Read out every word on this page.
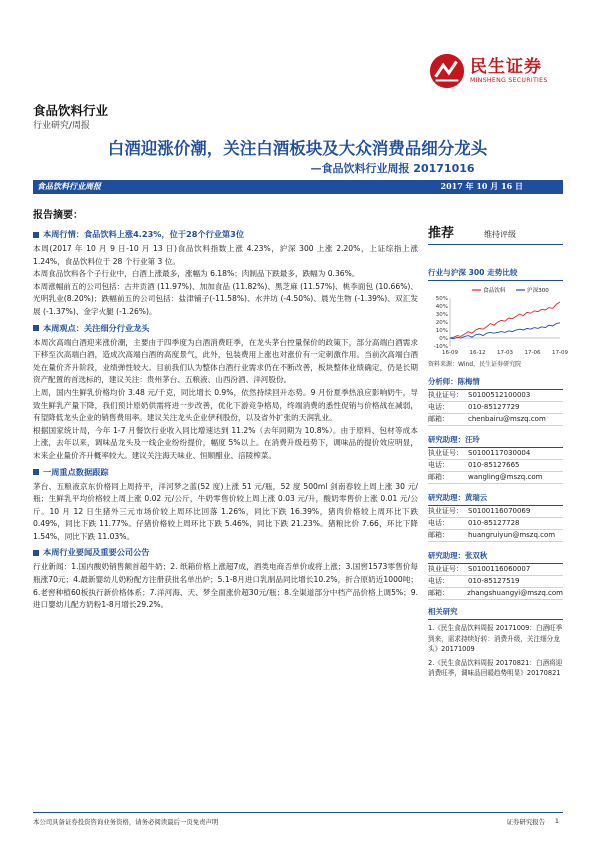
民生证券
MINSHENG SECURITIES
食品饮料行业
行业研究/周报
白酒迎涨价潮，关注白酒板块及大众消费品细分龙头
—食品饮料行业周报 20171016
食品饮料行业周报	2017 年 10 月 16 日
报告摘要：
本周行情：食品饮料上涨4.23%，位于28个行业第3位

本周(2017 年 10 月 9 日-10 月 13 日)食品饮料指数上涨 4.23%，沪深 300 上涨 2.20%，上证综指上涨 1.24%，食品饮料位于 28 个行业第 3 位。

本周食品饮料各个子行业中，白酒上涨最多，涨幅为 6.18%；肉制品下跌最多，跌幅为 0.36%。

本周涨幅前五的公司包括：古井贡酒 (11.97%)、加加食品 (11.82%)、黑芝麻 (11.57%)、桃李面包 (10.66%)、光明乳业(8.20%)；跌幅前五的公司包括：盐津铺子(-11.58%)、水井坊 (-4.50%)、晨光生物 (-1.39%)、双汇发展 (-1.37%)、金字火腿 (-1.26%)。

本周观点：关注细分行业龙头

本周次高端白酒迎来涨价潮，主要由于四季度为白酒消费旺季，在龙头茅台控量保价的政策下，部分高端白酒需求下移至次高端白酒，造成次高端白酒的高度景气，此外，包装费用上涨也对涨价有一定刺激作用。当前次高端白酒处在量价齐升阶段，业绩弹性较大。目前我们认为整体白酒行业需求仍在不断改善，板块整体业绩确定，仍是长期资产配置的首选标的，建议关注：贵州茅台、五粮液、山西汾酒、洋河股份。

上周，国内生鲜乳价格均价 3.48 元/千克，同比增长 0.9%，依然持续回升态势。9 月份夏季热浪应影响奶牛，导致生鲜乳产量下降，我们预计原奶供需将进一步改善，优化下游竞争格局，终端消费的悉性促销与价格战在减弱，有望降低龙头企业的销售费用率。建议关注龙头企业伊利股份，以及省外扩张的天润乳业。

根据国家统计局，今年 1-7 月餐饮行业收入同比增速达到 11.2%（去年同期为 10.8%）。由于原料、包材等成本上涨，去年以来，调味品龙头及一线企业纷纷提价，幅度 5%以上。在消费升级趋势下，调味品的提价效应明显，未来企业量价齐升概率较大。建议关注海天味业、恒顺醋业、涪陵榨菜。

一周重点数据跟踪

茅台、五粮液京东价格同上周持平，洋河梦之蓝(52 度)上涨 51 元/瓶，52 度 500ml 剑南春较上周上涨 30 元/瓶；生鲜乳平均价格较上周上涨 0.02 元/公斤，牛奶零售价较上周上涨 0.03 元/升，酸奶零售价上涨 0.01 元/公斤。10 月 12 日生猪外三元市场价较上周环比回落 1.26%，同比下跌 16.39%，猪肉价格较上周环比下跌 0.49%，同比下跌 11.77%。仔猪价格较上周环比下跌 5.46%，同比下跌 21.23%。猪粮比价 7.66，环比下降 1.54%，同比下跌 11.03%。

本周行业要闻及重要公司公告

行业新闻：1.国内酸奶销售额首超牛奶；2. 纸箱价格上涨超7成，酒类电商否单价或将上涨；3.国窖1573零售价每瓶涨70元；4.最新婴幼儿奶粉配方注册获批名单出炉；5.1-8月进口乳制品同比增长10.2%，折合原奶近1000吨；6.老窖种植60板执行新价格体系；7.洋河海、天、梦全面涨价超30元/瓶；8.全渠道部分中档产品价格上调5%；9.进口婴幼儿配方奶粉1-8月增长29.2%。

推荐	维持评级
行业与沪深 300 走势比较
50%
40%
30%
20%
10%
0%
-10%
16-09 16-12 17-03 17-06 17-09
食品饮料	沪深300
资料来源：Wind，民生证券研究院
分析师：陈梅情
执业证号： S0100512100003
电话：	010-85127729
邮箱：	chenbairu@mszq.com
研究助理：汪玲
执业证号： S0100117030004
电话：	010-85127665
邮箱：	wangling@mszq.com
研究助理：黄瑞云
执业证号： S0100116070069
电话：	010-85127728
邮箱：	huangruiyun@mszq.com
研究助理：张双秋
执业证号： S0100116060007
电话：	010-85127519
邮箱：	zhangshuangyi@mszq.com
相关研究
1.《民生食品饮料周报 20171009：白酒旺季到来，需求持续好转：消费升级，关注细分龙头》20171009
2.《民生食品饮料周报 20170821：白酒将迎消费旺季，调味品回暖趋势明显》20170821
本公司具备证券投资咨询业务资格，请务必阅读最后一页免责声明	证券研究报告 1
